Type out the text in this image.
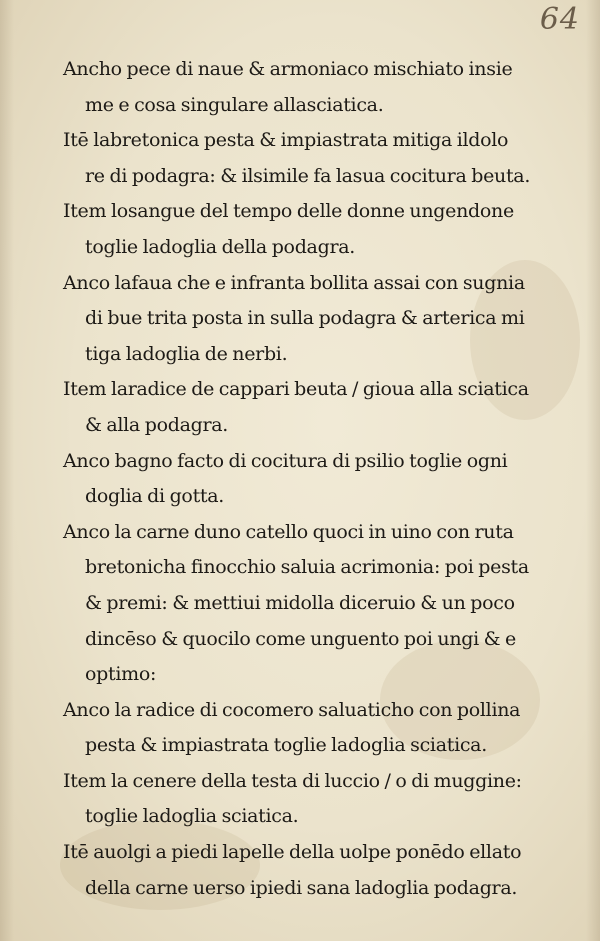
64
Ancho pece di naue & armoniaco mischiato insie
me e cosa singulare allasciatica.
Itē labretonica pesta & impiastrata mitiga ildolo
re di podagra: & ilsimile fa lasua cocitura beuta.
Item losangue del tempo delle donne ungendone
toglie ladoglia della podagra.
Anco lafaua che e infranta bollita assai con sugnia
di bue trita posta in sulla podagra & arterica mi
tiga ladoglia de nerbi.
Item laradice de cappari beuta / gioua alla sciatica
& alla podagra.
Anco bagno facto di cocitura di psilio toglie ogni
doglia di gotta.
Anco la carne duno catello quoci in uino con ruta
bretonicha finocchio saluia acrimonia: poi pesta
& premi: & mettiui midolla diceruio & un poco
dincēso & quocilo come unguento poi ungi & e
optimo:
Anco la radice di cocomero saluaticho con pollina
pesta & impiastrata toglie ladoglia sciatica.
Item la cenere della testa di luccio / o di muggine:
toglie ladoglia sciatica.
Itē auolgi a piedi lapelle della uolpe ponēdo ellato
della carne uerso ipiedi sana ladoglia podagra.
